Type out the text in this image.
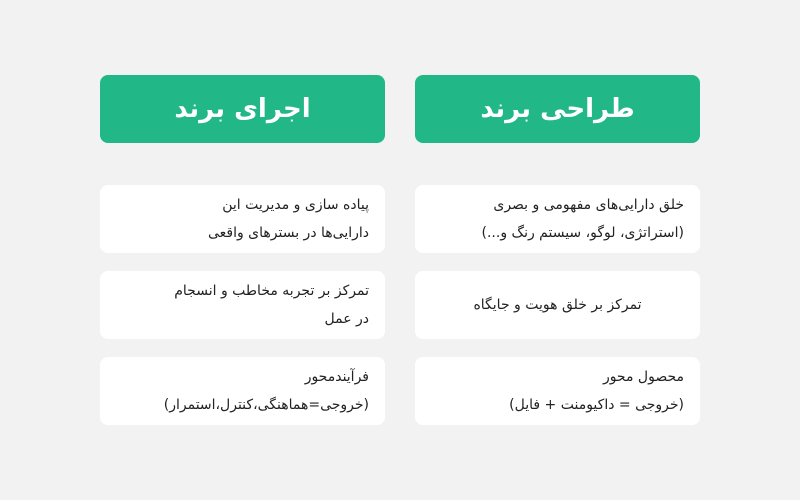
طراحی برند
خلق دارایی‌های مفهومی و بصری
(استراتژی، لوگو، سیستم رنگ و...)
تمرکز بر خلق هویت و جایگاه
محصول محور
(خروجی = داکیومنت + فایل)
اجرای برند
پیاده سازی و مدیریت این
دارایی‌ها در بسترهای واقعی
تمرکز بر تجربه مخاطب و انسجام
در عمل
فرآیندمحور
(خروجی=هماهنگی،کنترل،استمرار)
